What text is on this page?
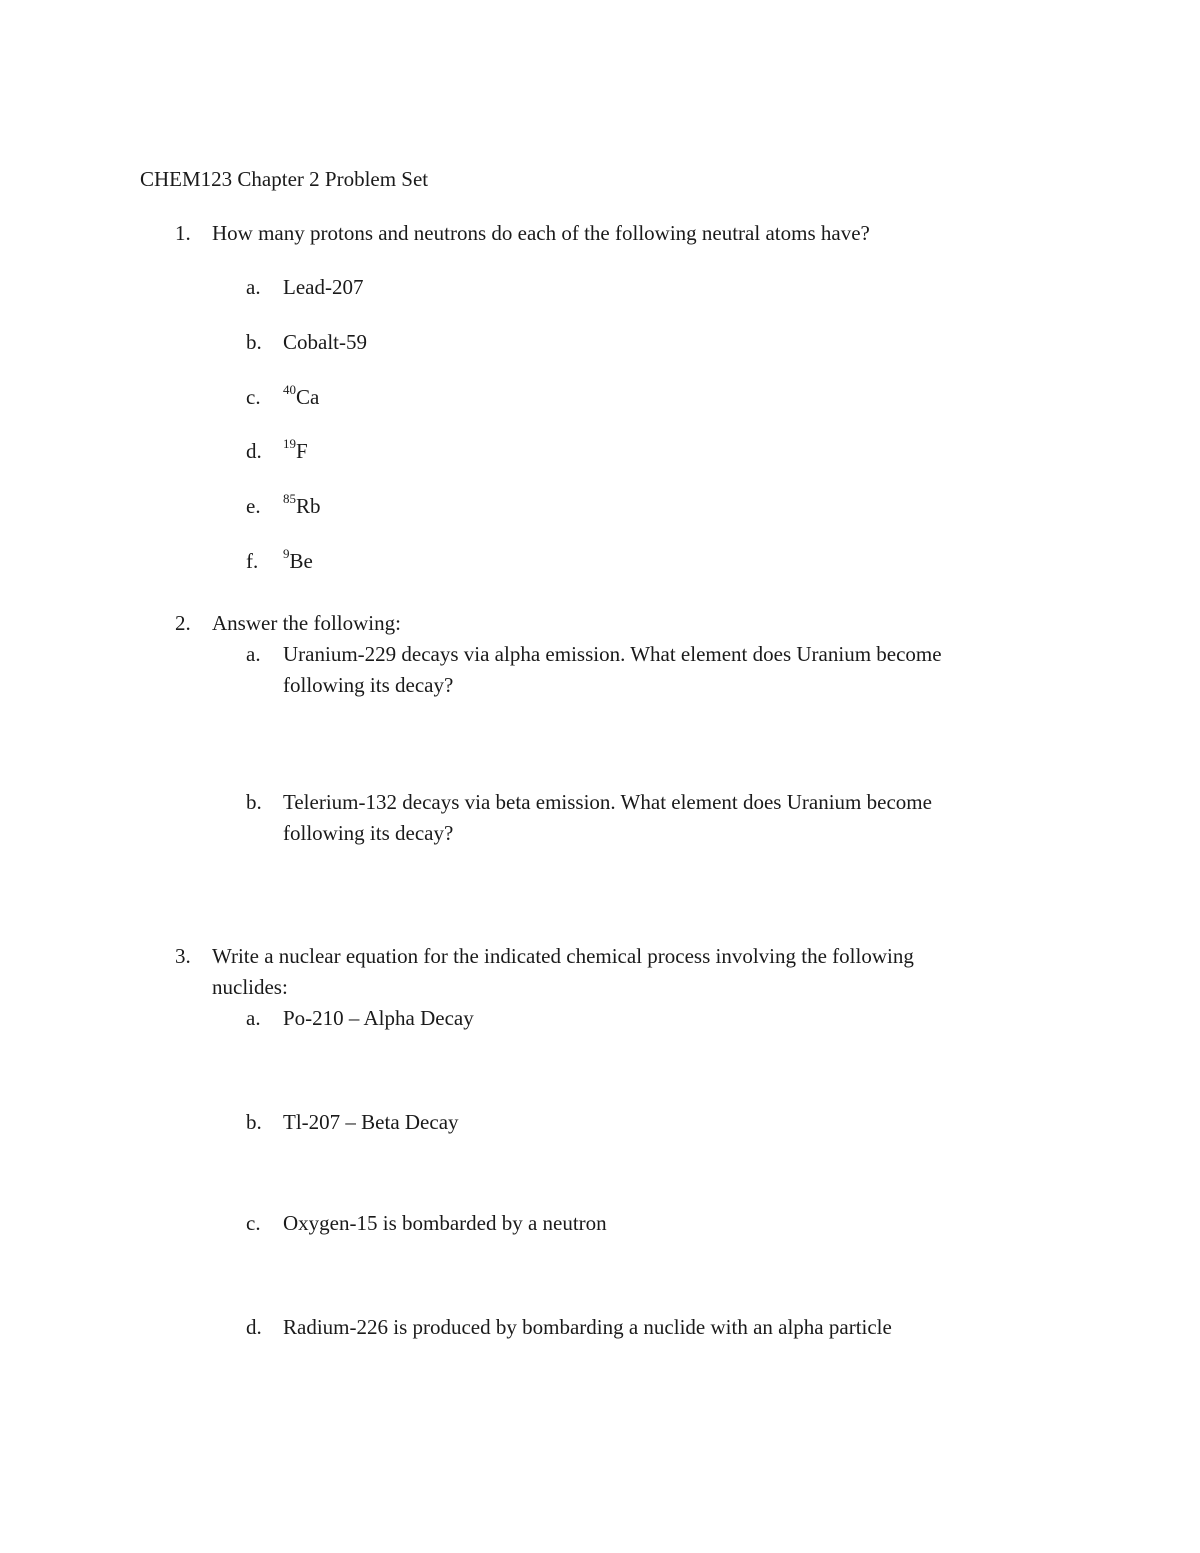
CHEM123 Chapter 2 Problem Set
1. How many protons and neutrons do each of the following neutral atoms have?
a. Lead-207
b. Cobalt-59
c. $^{40}$Ca
d. $^{19}$F
e. $^{85}$Rb
f. $^9$Be
2. Answer the following:
a. Uranium-229 decays via alpha emission. What element does Uranium become
following its decay?
b. Telerium-132 decays via beta emission. What element does Uranium become
following its decay?
3. Write a nuclear equation for the indicated chemical process involving the following
nuclides:
a. Po-210 – Alpha Decay
b. Tl-207 – Beta Decay
c. Oxygen-15 is bombarded by a neutron
d. Radium-226 is produced by bombarding a nuclide with an alpha particle
